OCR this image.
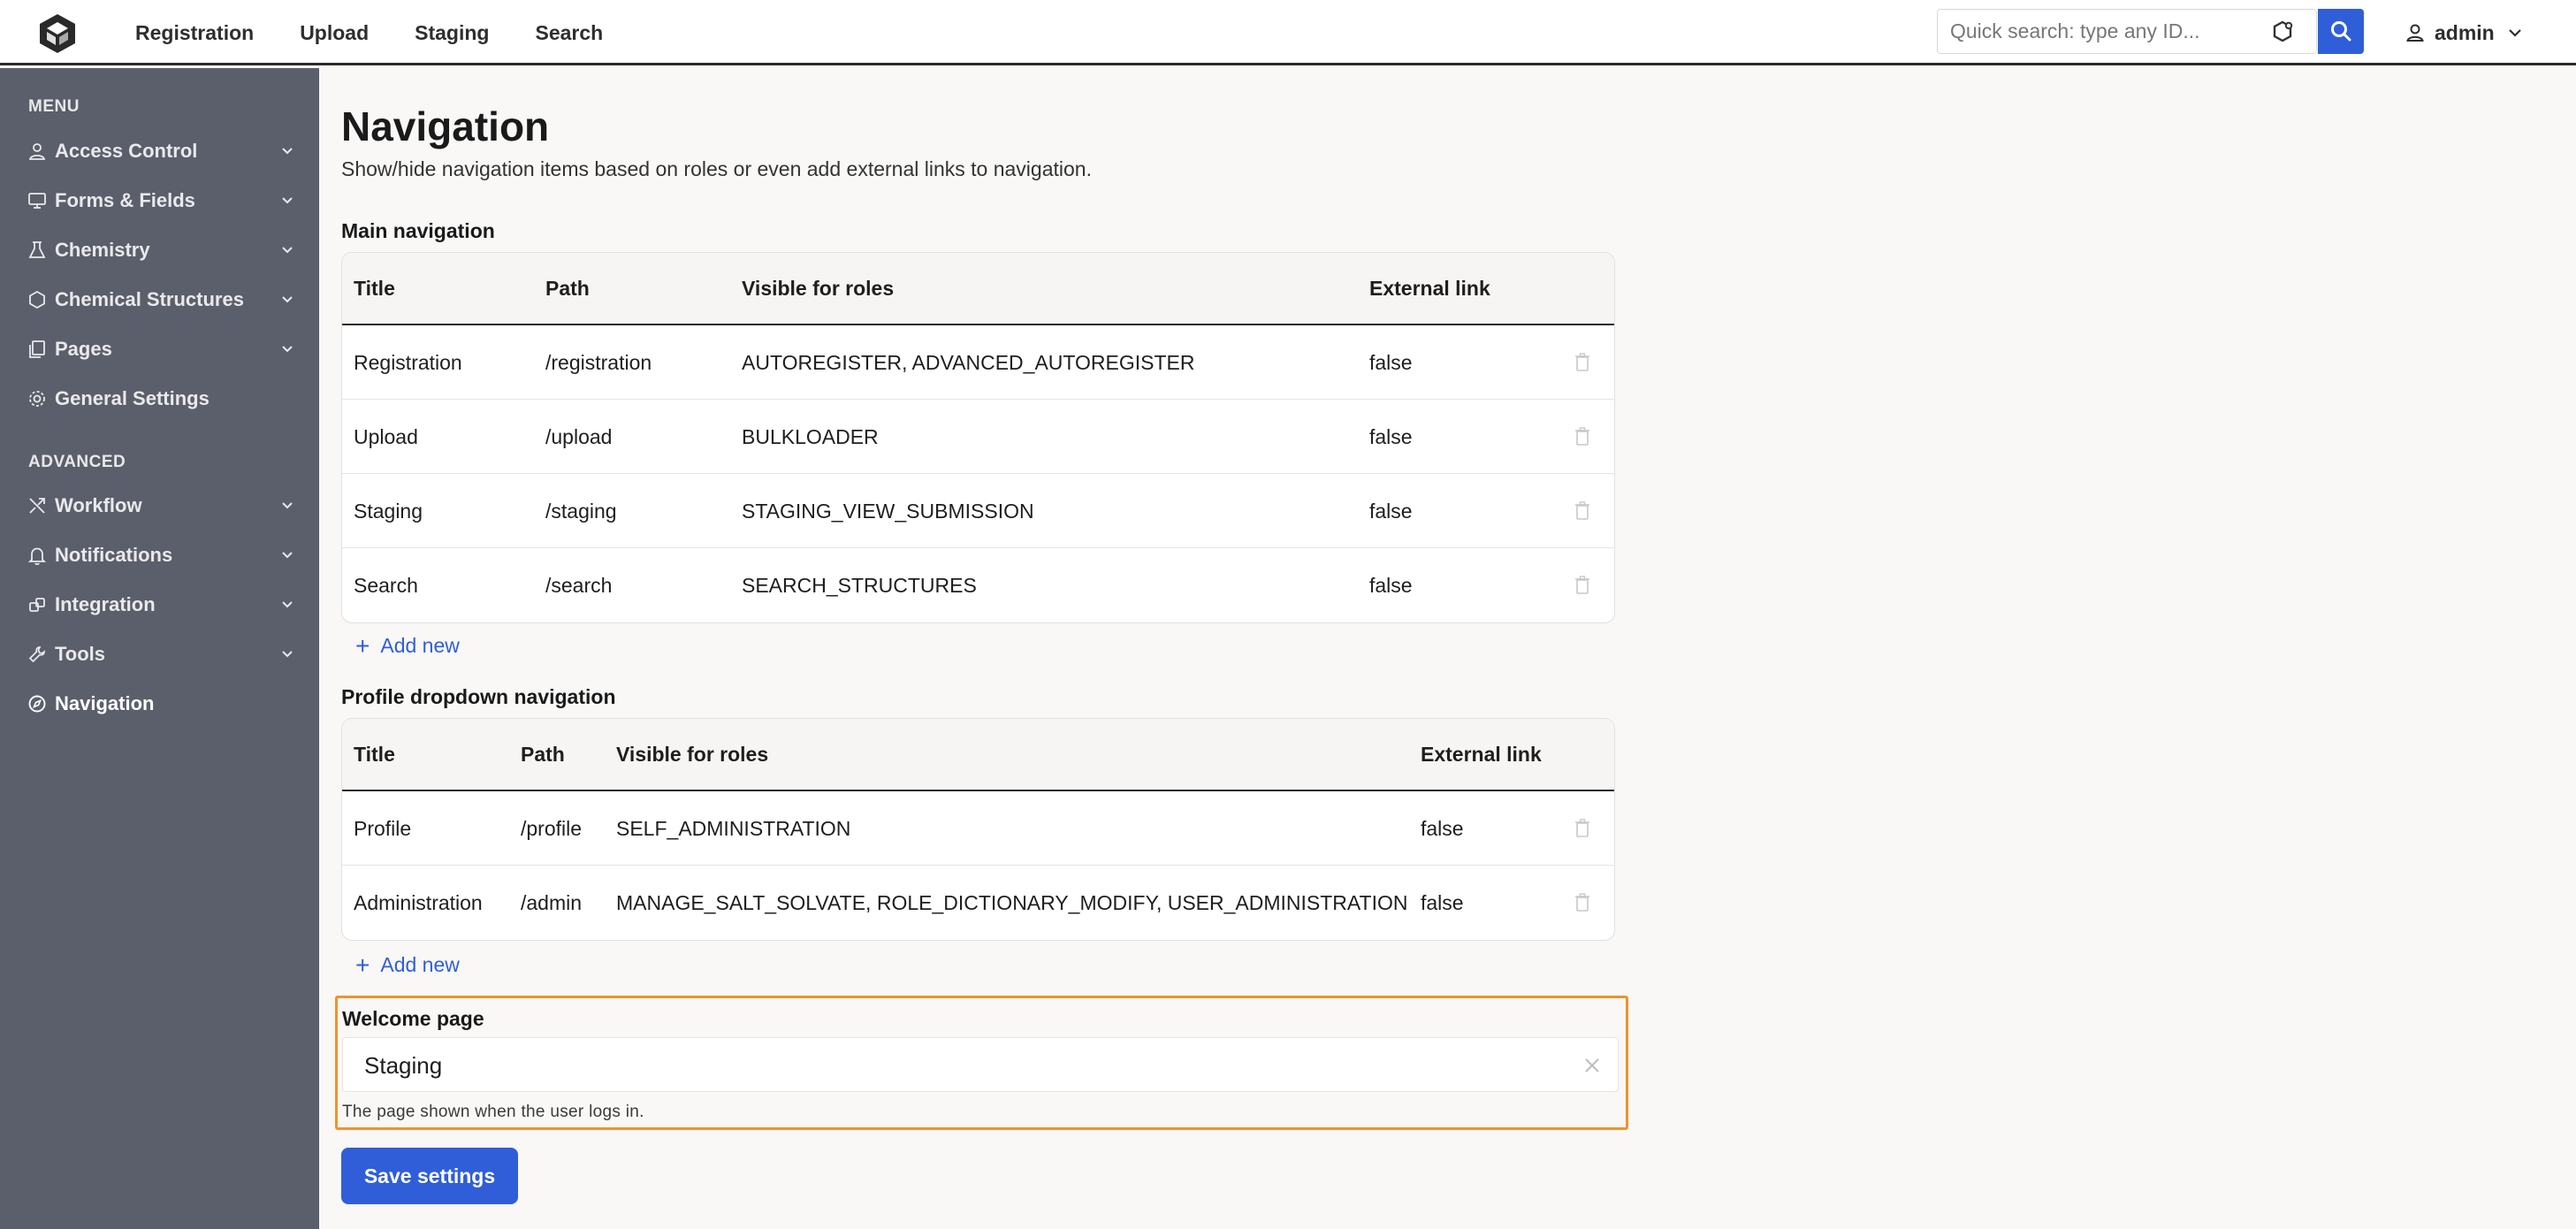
Registration Upload Staging Search
Quick search: type any ID...	admin
MENU
Access Control
Forms & Fields
Chemistry
Chemical Structures
Pages
General Settings
ADVANCED
Workflow
Notifications
Integration
Tools
Navigation
Navigation

Show/hide navigation items based on roles or even add external links to navigation.

Main navigation
Title	Path	Visible for roles	External link
Registration	/registration	AUTOREGISTER, ADVANCED_AUTOREGISTER	false
Upload	/upload	BULKLOADER	false
Staging	/staging	STAGING_VIEW_SUBMISSION	false
Search	/search	SEARCH_STRUCTURES	false
+ Add new
Profile dropdown navigation
Title	Path	Visible for roles	External link
Profile	/profile SELF_ADMINISTRATION	false
Administration /admin MANAGE_SALT_SOLVATE, ROLE_DICTIONARY_MODIFY, USER_ADMINISTRATION false
+ Add new
Welcome page
Staging
The page shown when the user logs in.
Save settings
